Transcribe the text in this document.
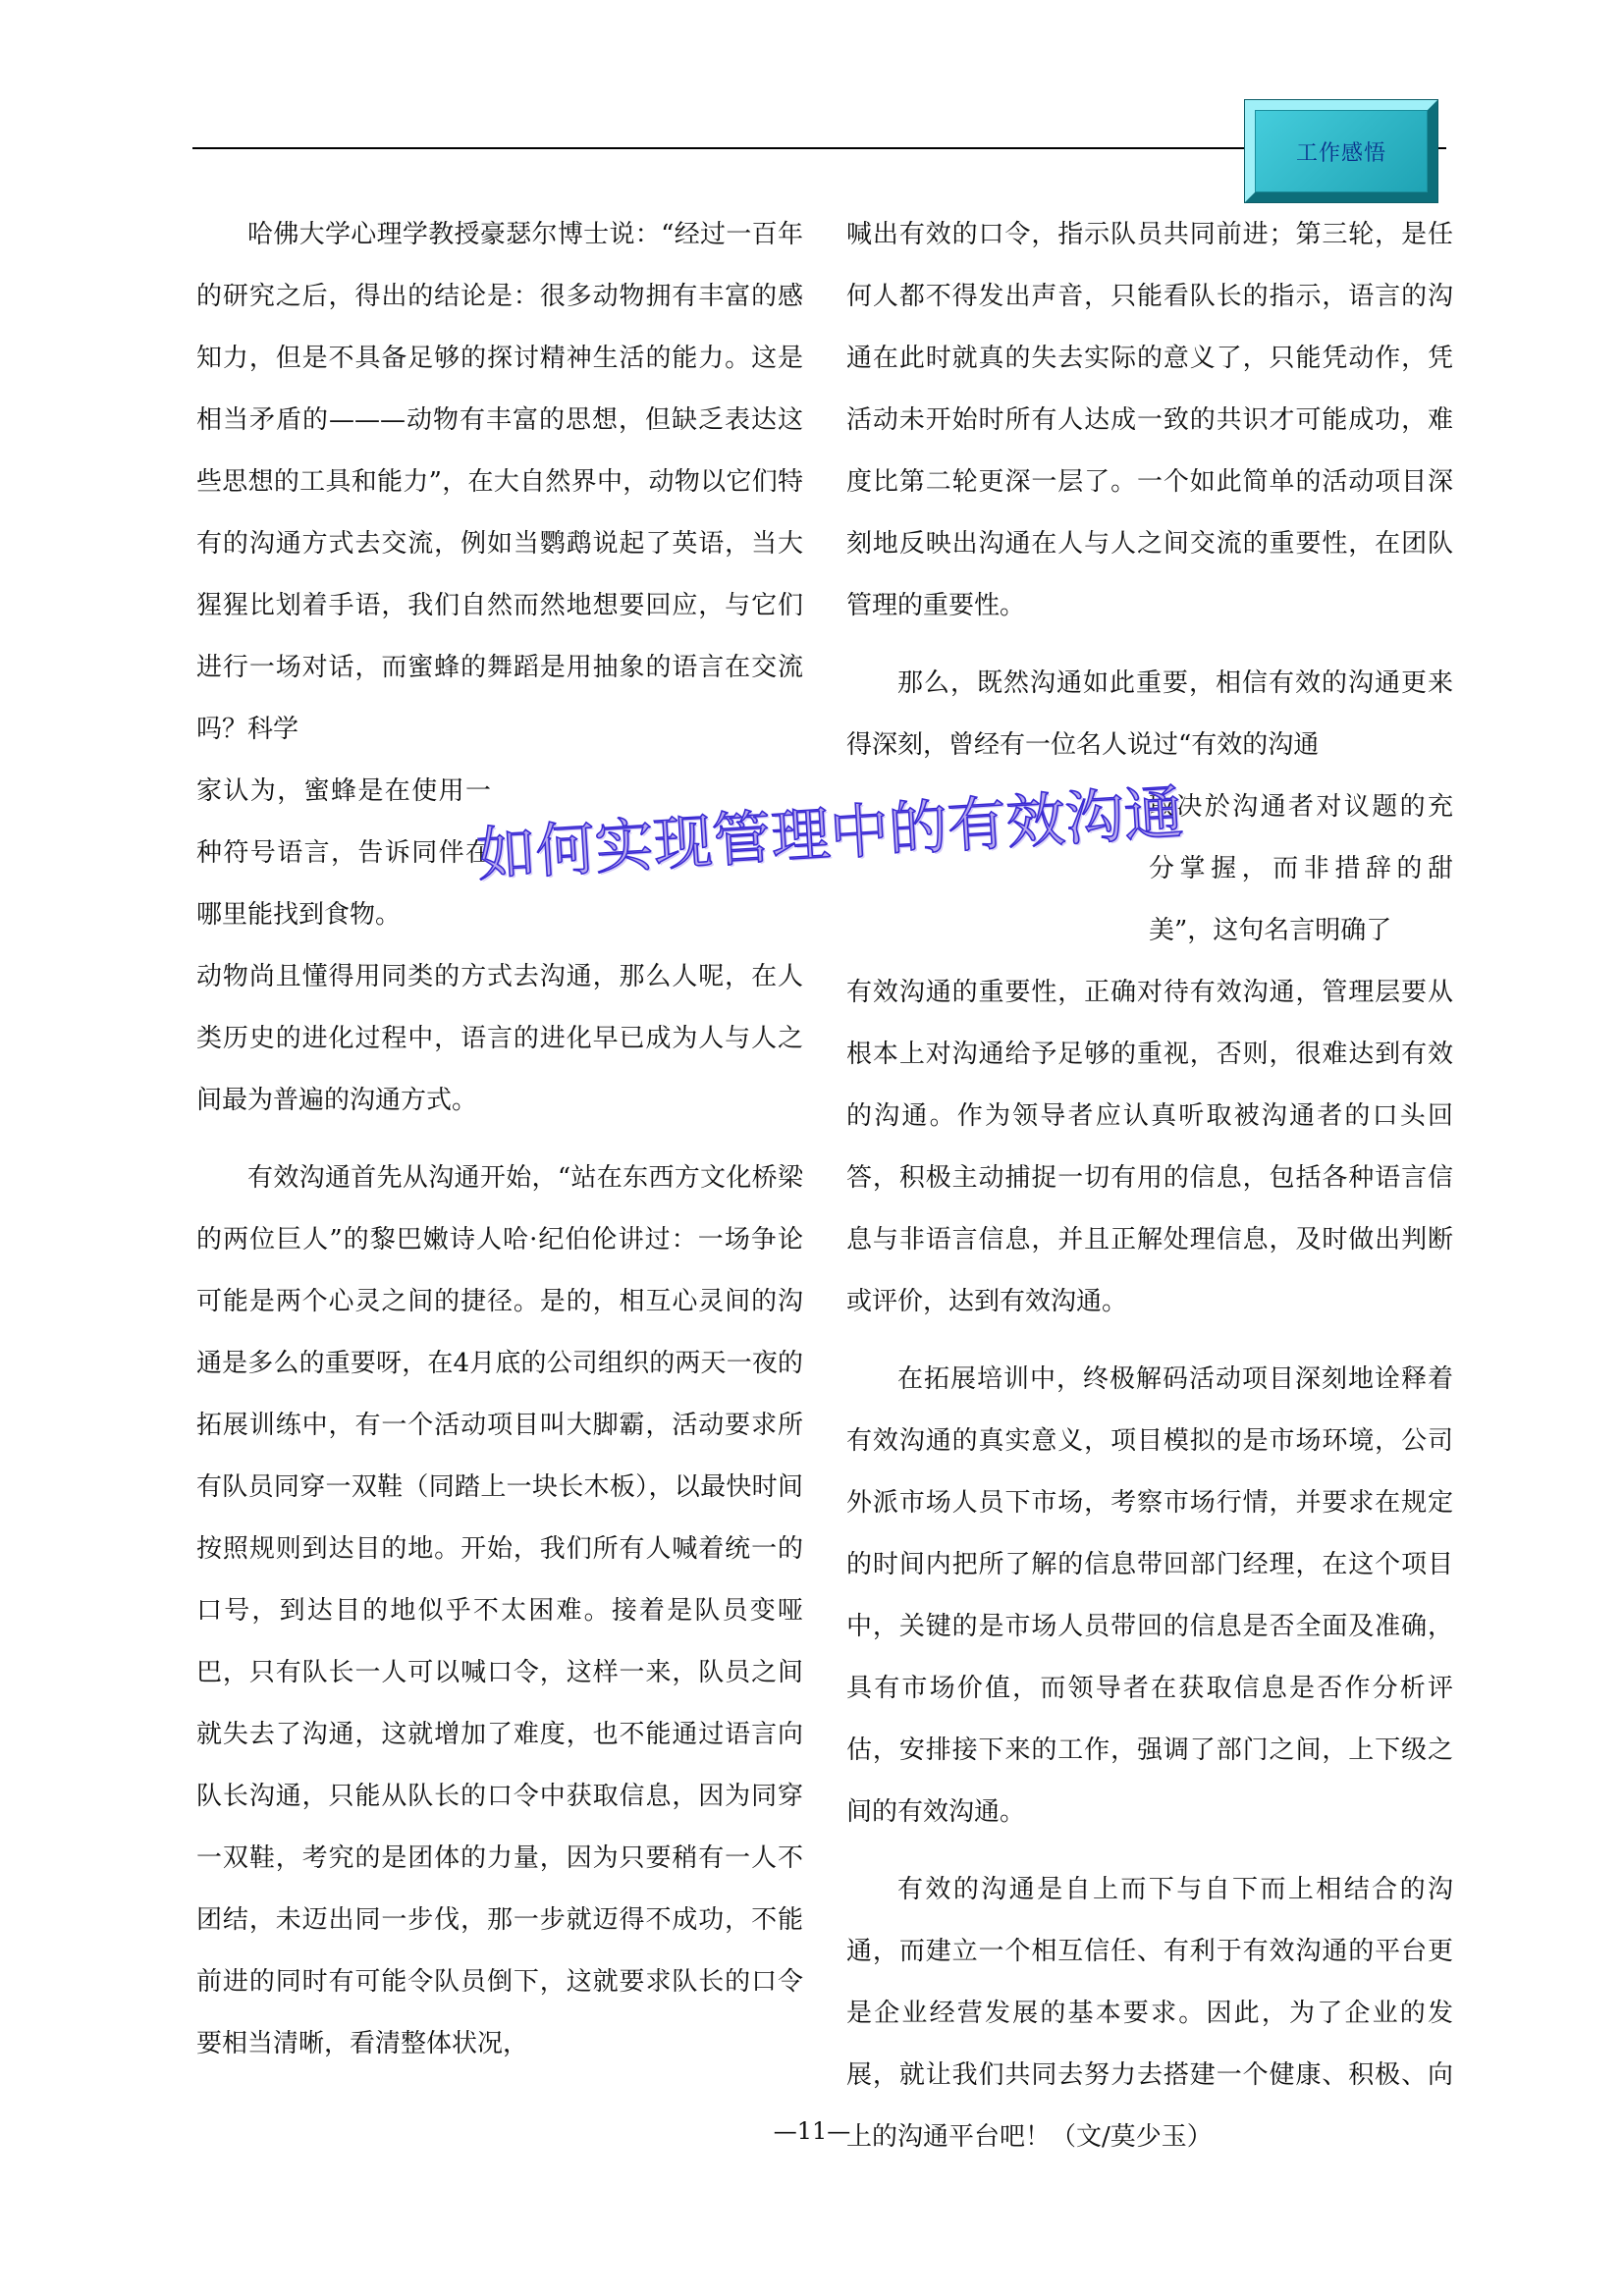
工作感悟

哈佛大学心理学教授豪瑟尔博士说：“经过一百年的研究之后，得出的结论是：很多动物拥有丰富的感知力，但是不具备足够的探讨精神生活的能力。这是相当矛盾的———动物有丰富的思想，但缺乏表达这些思想的工具和能力”，在大自然界中，动物以它们特有的沟通方式去交流，例如当鹦鹉说起了英语，当大猩猩比划着手语，我们自然而然地想要回应，与它们进行一场对话，而蜜蜂的舞蹈是用抽象的语言在交流吗？科学

家认为，蜜蜂是在使用一种符号语言，告诉同伴在哪里能找到食物。

动物尚且懂得用同类的方式去沟通，那么人呢，在人类历史的进化过程中，语言的进化早已成为人与人之间最为普遍的沟通方式。

有效沟通首先从沟通开始，“站在东西方文化桥梁的两位巨人”的黎巴嫩诗人哈·纪伯伦讲过：一场争论可能是两个心灵之间的捷径。是的，相互心灵间的沟通是多么的重要呀，在4月底的公司组织的两天一夜的拓展训练中，有一个活动项目叫大脚霸，活动要求所有队员同穿一双鞋（同踏上一块长木板），以最快时间按照规则到达目的地。开始，我们所有人喊着统一的口号，到达目的地似乎不太困难。接着是队员变哑巴，只有队长一人可以喊口令，这样一来，队员之间就失去了沟通，这就增加了难度，也不能通过语言向队长沟通，只能从队长的口令中获取信息，因为同穿一双鞋，考究的是团体的力量，因为只要稍有一人不团结，未迈出同一步伐，那一步就迈得不成功，不能前进的同时有可能令队员倒下，这就要求队长的口令要相当清晰，看清整体状况，

喊出有效的口令，指示队员共同前进；第三轮，是任何人都不得发出声音，只能看队长的指示，语言的沟通在此时就真的失去实际的意义了，只能凭动作，凭活动未开始时所有人达成一致的共识才可能成功，难度比第二轮更深一层了。一个如此简单的活动项目深刻地反映出沟通在人与人之间交流的重要性，在团队管理的重要性。

那么，既然沟通如此重要，相信有效的沟通更来得深刻，曾经有一位名人说过“有效的沟通

取决於沟通者对议题的充分掌握，而非措辞的甜美”，这句名言明确了

有效沟通的重要性，正确对待有效沟通，管理层要从根本上对沟通给予足够的重视，否则，很难达到有效的沟通。作为领导者应认真听取被沟通者的口头回答，积极主动捕捉一切有用的信息，包括各种语言信息与非语言信息，并且正解处理信息，及时做出判断或评价，达到有效沟通。

在拓展培训中，终极解码活动项目深刻地诠释着有效沟通的真实意义，项目模拟的是市场环境，公司外派市场人员下市场，考察市场行情，并要求在规定的时间内把所了解的信息带回部门经理，在这个项目中，关键的是市场人员带回的信息是否全面及准确，具有市场价值，而领导者在获取信息是否作分析评估，安排接下来的工作，强调了部门之间，上下级之间的有效沟通。

有效的沟通是自上而下与自下而上相结合的沟通，而建立一个相互信任、有利于有效沟通的平台更是企业经营发展的基本要求。因此，为了企业的发展，就让我们共同去努力去搭建一个健康、积极、向上的沟通平台吧！（文/莫少玉）

如何实现管理中的有效沟通
—11—
